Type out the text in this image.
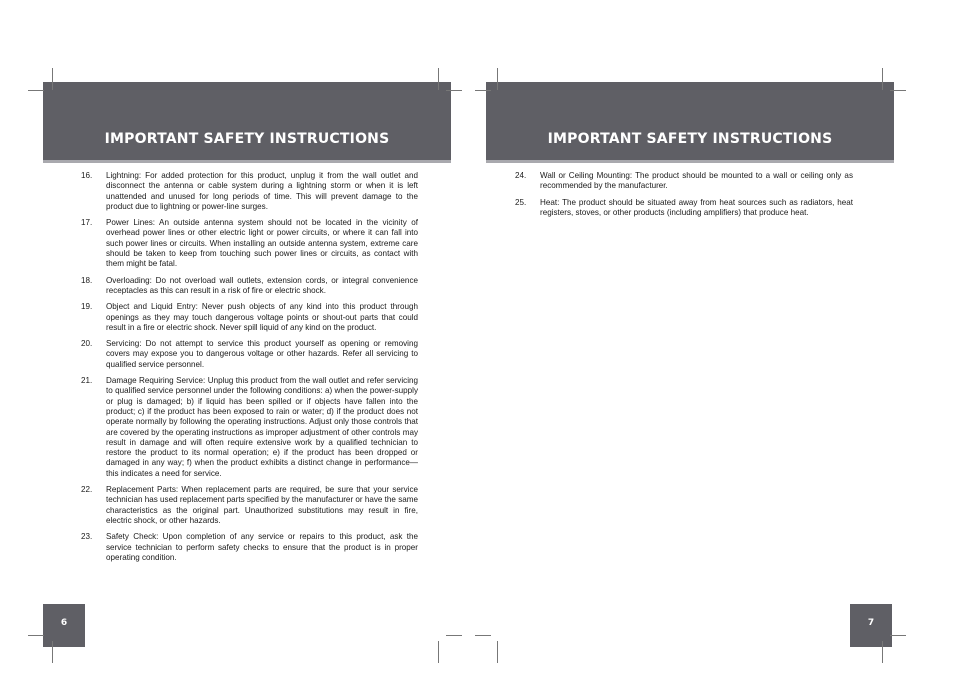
IMPORTANT SAFETY INSTRUCTIONS
16.	Lightning: For added protection for this product, unplug it from the wall outlet and disconnect the antenna or cable system during a lightning storm or when it is left unattended and unused for long periods of time. This will prevent damage to the product due to lightning or power-line surges.
17.	Power Lines: An outside antenna system should not be located in the vicinity of overhead power lines or other electric light or power circuits, or where it can fall into such power lines or circuits. When installing an outside antenna system, extreme care should be taken to keep from touching such power lines or circuits, as contact with them might be fatal.
18.	Overloading: Do not overload wall outlets, extension cords, or integral convenience receptacles as this can result in a risk of fire or electric shock.
19.	Object and Liquid Entry: Never push objects of any kind into this product through openings as they may touch dangerous voltage points or shout-out parts that could result in a fire or electric shock. Never spill liquid of any kind on the product.
20.	Servicing: Do not attempt to service this product yourself as opening or removing covers may expose you to dangerous voltage or other hazards. Refer all servicing to qualified service personnel.
21.	Damage Requiring Service: Unplug this product from the wall outlet and refer servicing to qualified service personnel under the following conditions: a) when the power-supply or plug is damaged; b) if liquid has been spilled or if objects have fallen into the product; c) if the product has been exposed to rain or water; d) if the product does not operate normally by following the operating instructions. Adjust only those controls that are covered by the operating instructions as improper adjustment of other controls may result in damage and will often require extensive work by a qualified technician to restore the product to its normal operation; e) if the product has been dropped or damaged in any way; f) when the product exhibits a distinct change in performance—this indicates a need for service.
22.	Replacement Parts: When replacement parts are required, be sure that your service technician has used replacement parts specified by the manufacturer or have the same characteristics as the original part. Unauthorized substitutions may result in fire, electric shock, or other hazards.
23.	Safety Check: Upon completion of any service or repairs to this product, ask the service technician to perform safety checks to ensure that the product is in proper operating condition.
6
IMPORTANT SAFETY INSTRUCTIONS
24.	Wall or Ceiling Mounting: The product should be mounted to a wall or ceiling only as recommended by the manufacturer.
25.	Heat: The product should be situated away from heat sources such as radiators, heat registers, stoves, or other products (including amplifiers) that produce heat.
7
